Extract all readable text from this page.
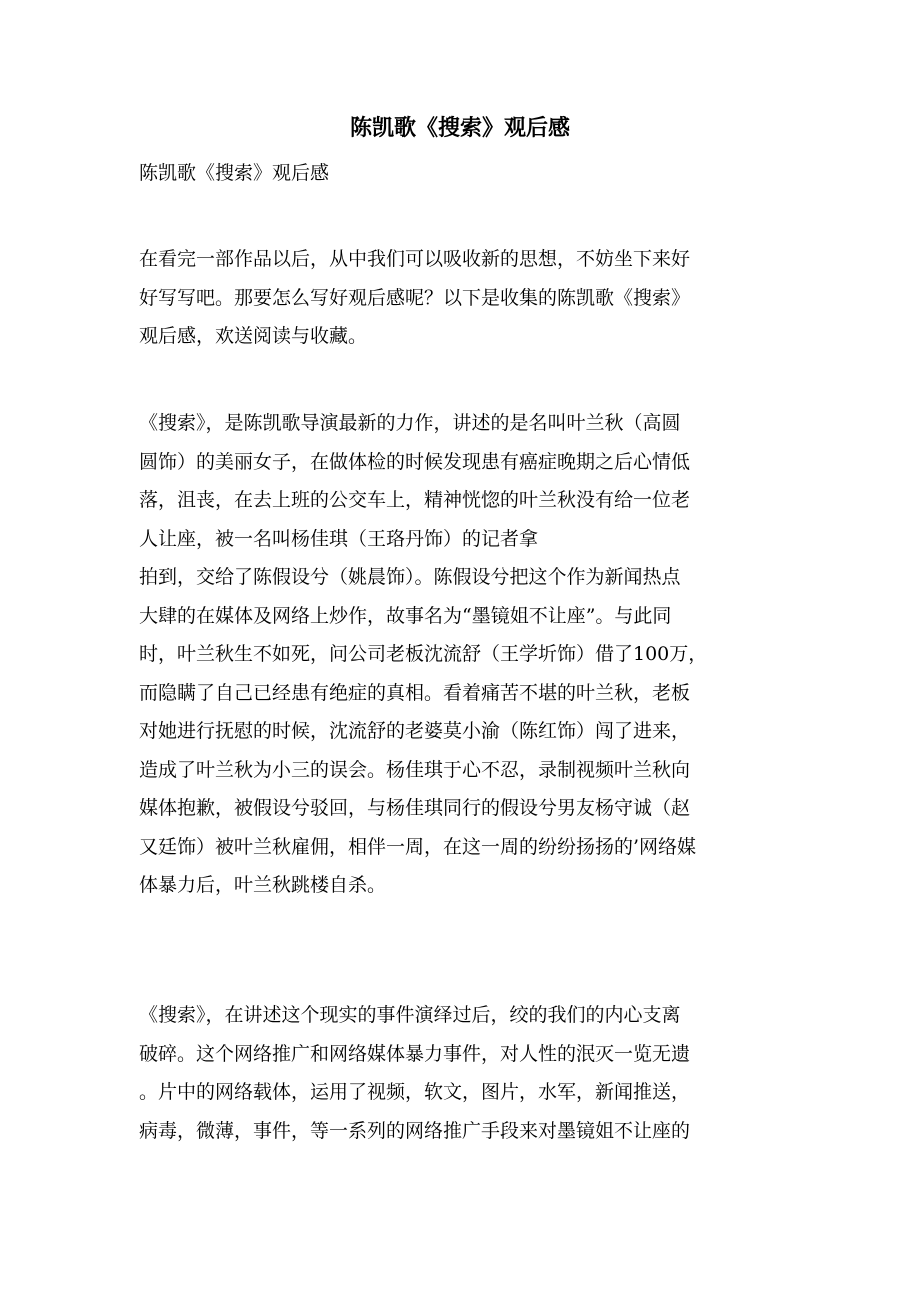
陈凯歌《搜索》观后感

陈凯歌《搜索》观后感

在看完一部作品以后，从中我们可以吸收新的思想，不妨坐下来好
好写写吧。那要怎么写好观后感呢？以下是收集的陈凯歌《搜索》
观后感，欢送阅读与收藏。
《搜索》，是陈凯歌导演最新的力作，讲述的是名叫叶兰秋（高圆
圆饰）的美丽女子，在做体检的时候发现患有癌症晚期之后心情低
落，沮丧，在去上班的公交车上，精神恍惚的叶兰秋没有给一位老
人让座，被一名叫杨佳琪（王珞丹饰）的记者拿
拍到，交给了陈假设兮（姚晨饰）。陈假设兮把这个作为新闻热点
大肆的在媒体及网络上炒作，故事名为“墨镜姐不让座”。与此同
时，叶兰秋生不如死，问公司老板沈流舒（王学圻饰）借了100万，
而隐瞒了自己已经患有绝症的真相。看着痛苦不堪的叶兰秋，老板
对她进行抚慰的时候，沈流舒的老婆莫小渝（陈红饰）闯了进来，
造成了叶兰秋为小三的误会。杨佳琪于心不忍，录制视频叶兰秋向
媒体抱歉，被假设兮驳回，与杨佳琪同行的假设兮男友杨守诚（赵
又廷饰）被叶兰秋雇佣，相伴一周，在这一周的纷纷扬扬的’网络媒
体暴力后，叶兰秋跳楼自杀。
《搜索》，在讲述这个现实的事件演绎过后，绞的我们的内心支离
破碎。这个网络推广和网络媒体暴力事件，对人性的泯灭一览无遗
。片中的网络载体，运用了视频，软文，图片，水军，新闻推送，
病毒，微薄，事件，等一系列的网络推广手段来对墨镜姐不让座的
